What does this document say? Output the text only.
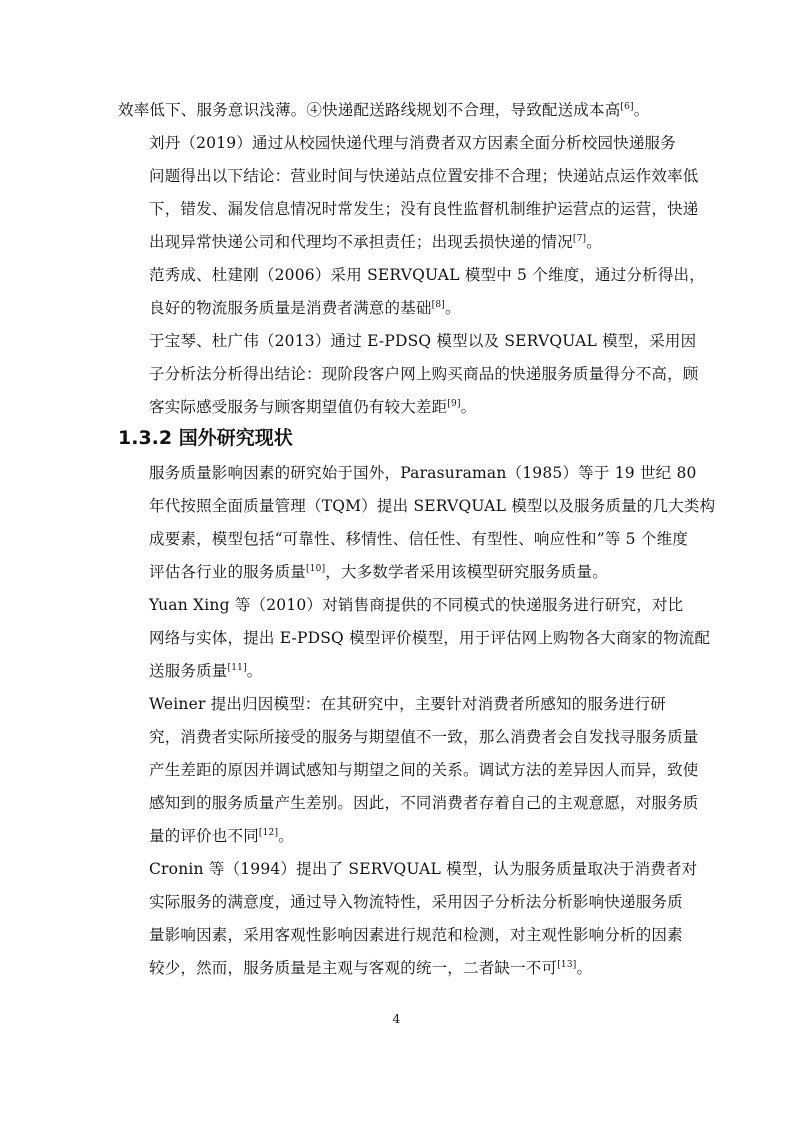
效率低下、服务意识浅薄。④快递配送路线规划不合理，导致配送成本高[6]。

刘丹（2019）通过从校园快递代理与消费者双方因素全面分析校园快递服务
问题得出以下结论：营业时间与快递站点位置安排不合理；快递站点运作效率低
下，错发、漏发信息情况时常发生；没有良性监督机制维护运营点的运营，快递
出现异常快递公司和代理均不承担责任；出现丢损快递的情况[7]。

范秀成、杜建刚（2006）采用 SERVQUAL 模型中 5 个维度，通过分析得出，
良好的物流服务质量是消费者满意的基础[8]。

于宝琴、杜广伟（2013）通过 E-PDSQ 模型以及 SERVQUAL 模型，采用因
子分析法分析得出结论：现阶段客户网上购买商品的快递服务质量得分不高，顾
客实际感受服务与顾客期望值仍有较大差距[9]。

1.3.2 国外研究现状

服务质量影响因素的研究始于国外，Parasuraman（1985）等于 19 世纪 80
年代按照全面质量管理（TQM）提出 SERVQUAL 模型以及服务质量的几大类构
成要素，模型包括“可靠性、移情性、信任性、有型性、响应性和”等 5 个维度
评估各行业的服务质量[10]，大多数学者采用该模型研究服务质量。

Yuan Xing 等（2010）对销售商提供的不同模式的快递服务进行研究，对比
网络与实体，提出 E-PDSQ 模型评价模型，用于评估网上购物各大商家的物流配
送服务质量[11]。

Weiner 提出归因模型：在其研究中，主要针对消费者所感知的服务进行研
究，消费者实际所接受的服务与期望值不一致，那么消费者会自发找寻服务质量
产生差距的原因并调试感知与期望之间的关系。调试方法的差异因人而异，致使
感知到的服务质量产生差别。因此，不同消费者存着自己的主观意愿，对服务质
量的评价也不同[12]。

Cronin 等（1994）提出了 SERVQUAL 模型，认为服务质量取决于消费者对
实际服务的满意度，通过导入物流特性，采用因子分析法分析影响快递服务质
量影响因素，采用客观性影响因素进行规范和检测，对主观性影响分析的因素
较少，然而，服务质量是主观与客观的统一，二者缺一不可[13]。

4
